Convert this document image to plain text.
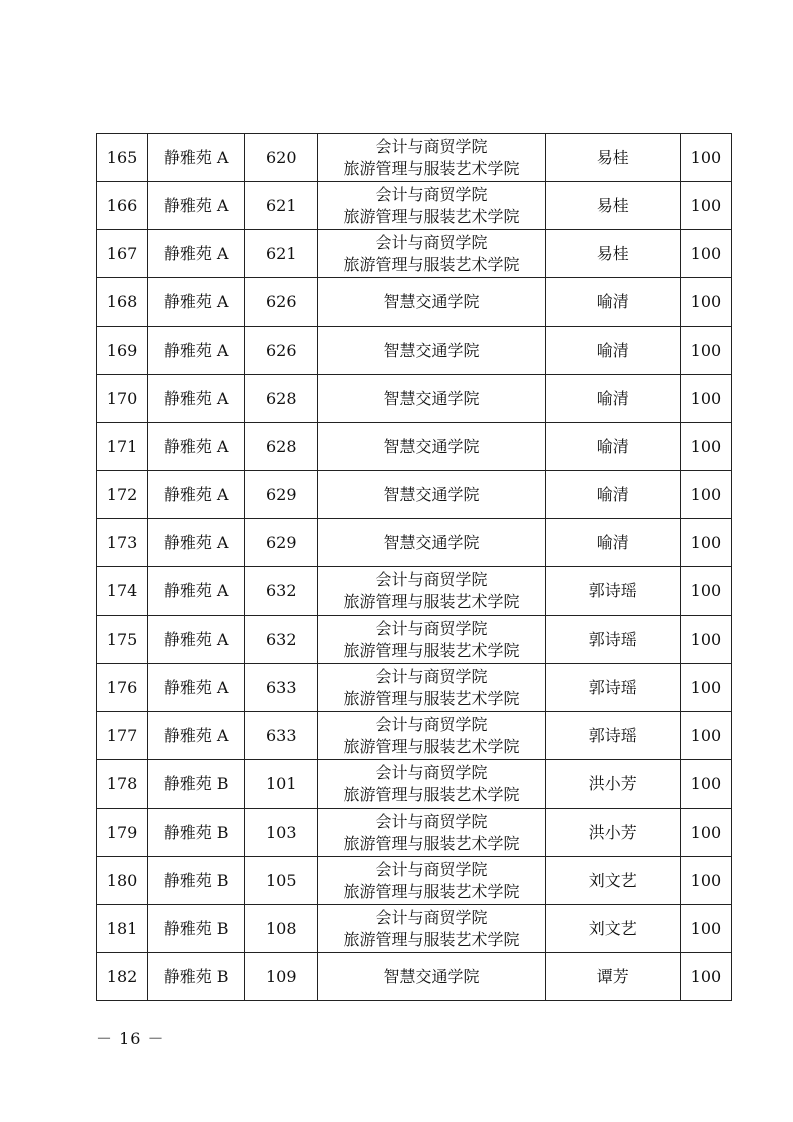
165	静雅苑 A	620	会计与商贸学院
旅游管理与服装艺术学院	易桂	100
166	静雅苑 A	621	会计与商贸学院
旅游管理与服装艺术学院	易桂	100
167	静雅苑 A	621	会计与商贸学院
旅游管理与服装艺术学院	易桂	100
168	静雅苑 A	626	智慧交通学院	喻清	100
169	静雅苑 A	626	智慧交通学院	喻清	100
170	静雅苑 A	628	智慧交通学院	喻清	100
171	静雅苑 A	628	智慧交通学院	喻清	100
172	静雅苑 A	629	智慧交通学院	喻清	100
173	静雅苑 A	629	智慧交通学院	喻清	100
174	静雅苑 A	632	会计与商贸学院
旅游管理与服装艺术学院	郭诗瑶	100
175	静雅苑 A	632	会计与商贸学院
旅游管理与服装艺术学院	郭诗瑶	100
176	静雅苑 A	633	会计与商贸学院
旅游管理与服装艺术学院	郭诗瑶	100
177	静雅苑 A	633	会计与商贸学院
旅游管理与服装艺术学院	郭诗瑶	100
178	静雅苑 B	101	会计与商贸学院
旅游管理与服装艺术学院	洪小芳	100
179	静雅苑 B	103	会计与商贸学院
旅游管理与服装艺术学院	洪小芳	100
180	静雅苑 B	105	会计与商贸学院
旅游管理与服装艺术学院	刘文艺	100
181	静雅苑 B	108	会计与商贸学院
旅游管理与服装艺术学院	刘文艺	100
182	静雅苑 B	109	智慧交通学院	谭芳	100
－ 16 －
